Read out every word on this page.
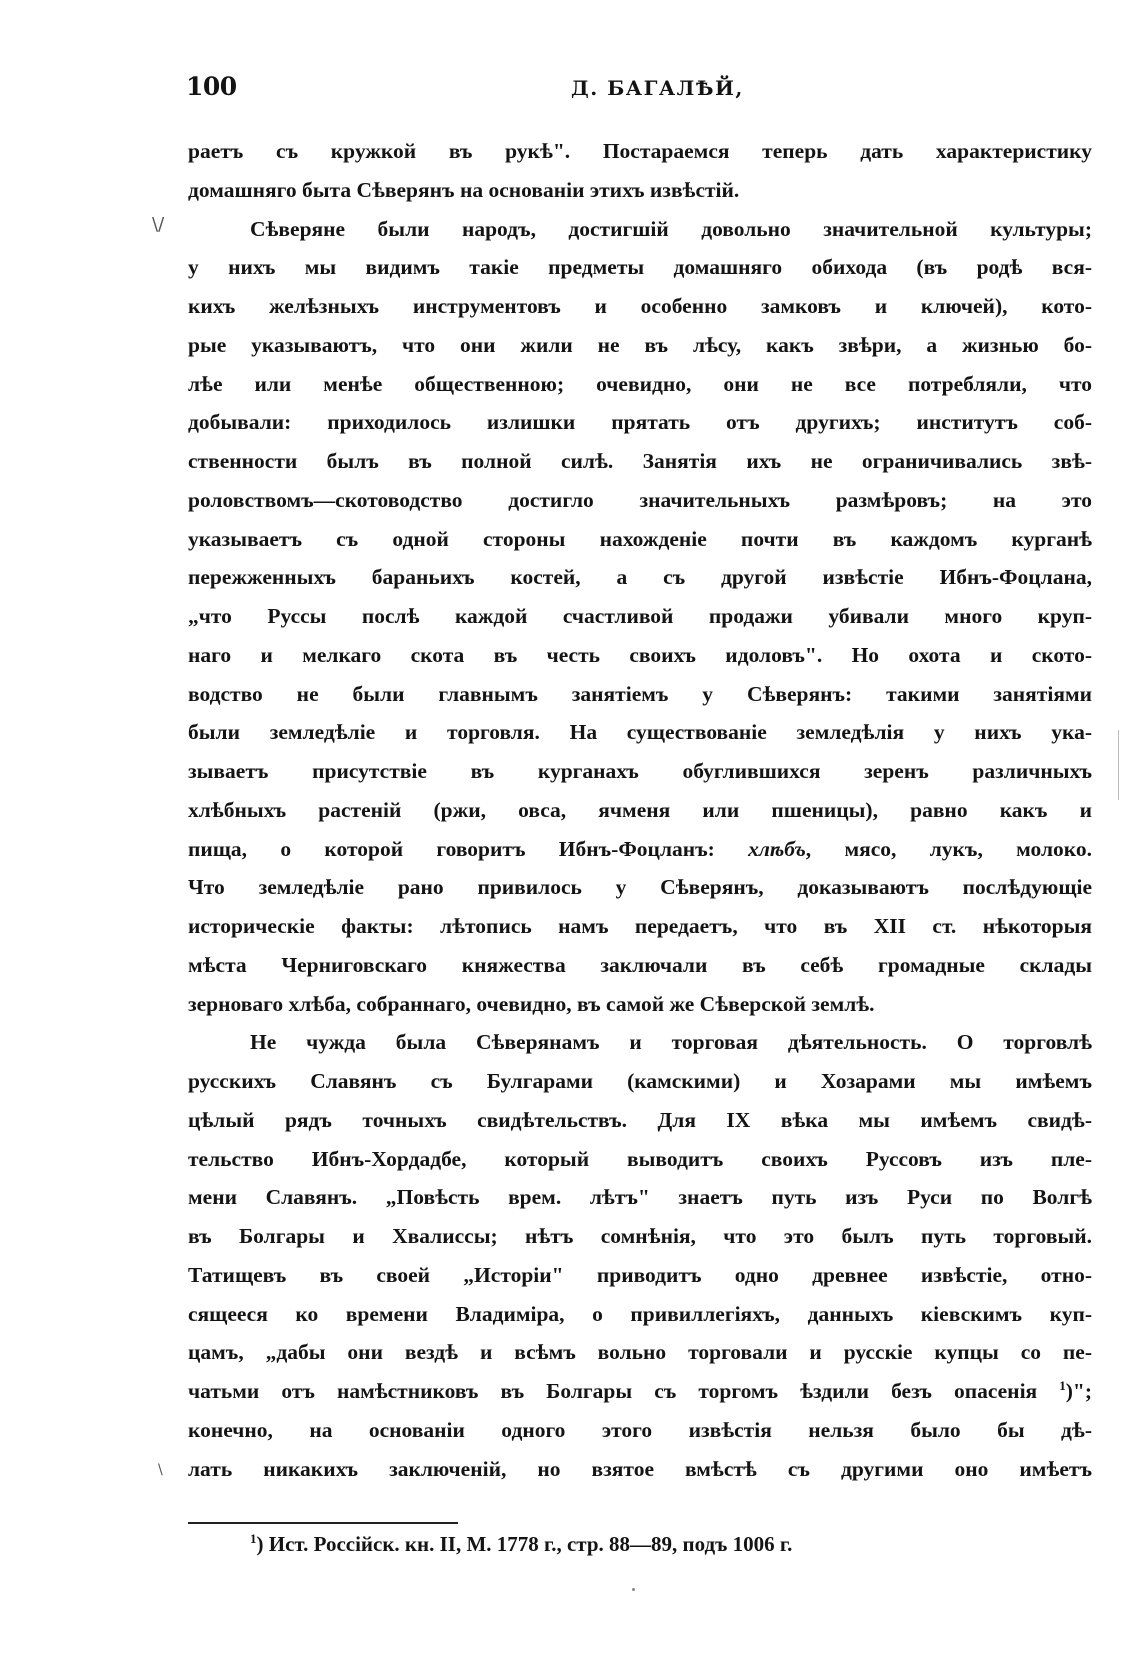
100	Д. БАГАЛѢЙ,
\/
\
раетъ съ кружкой въ рукѣ". Постараемся теперь дать характеристику
домашняго быта Сѣверянъ на основаніи этихъ извѣстій.
Сѣверяне были народъ, достигшій довольно значительной культуры;
у нихъ мы видимъ такіе предметы домашняго обихода (въ родѣ вся-
кихъ желѣзныхъ инструментовъ и особенно замковъ и ключей), кото-
рые указываютъ, что они жили не въ лѣсу, какъ звѣри, а жизнью бо-
лѣе или менѣе общественною; очевидно, они не все потребляли, что
добывали: приходилось излишки прятать отъ другихъ; институтъ соб-
ственности былъ въ полной силѣ. Занятія ихъ не ограничивались звѣ-
роловствомъ—скотоводство достигло значительныхъ размѣровъ; на это
указываетъ съ одной стороны нахожденіе почти въ каждомъ курганѣ
пережженныхъ бараньихъ костей, а съ другой извѣстіе Ибнъ-Фоцлана,
„что Руссы послѣ каждой счастливой продажи убивали много круп-
наго и мелкаго скота въ честь своихъ идоловъ". Но охота и ското-
водство не были главнымъ занятіемъ у Сѣверянъ: такими занятіями
были земледѣліе и торговля. На существованіе земледѣлія у нихъ ука-
зываетъ присутствіе въ курганахъ обуглившихся зеренъ различныхъ
хлѣбныхъ растеній (ржи, овса, ячменя или пшеницы), равно какъ и
пища, о которой говоритъ Ибнъ-Фоцланъ: хлѣбъ, мясо, лукъ, молоко.
Что земледѣліе рано привилось у Сѣверянъ, доказываютъ послѣдующіе
историческіе факты: лѣтопись намъ передаетъ, что въ XII ст. нѣкоторыя
мѣста Черниговскаго княжества заключали въ себѣ громадные склады
зерноваго хлѣба, собраннаго, очевидно, въ самой же Сѣверской землѣ.
Не чужда была Сѣверянамъ и торговая дѣятельность. О торговлѣ
русскихъ Славянъ съ Булгарами (камскими) и Хозарами мы имѣемъ
цѣлый рядъ точныхъ свидѣтельствъ. Для IX вѣка мы имѣемъ свидѣ-
тельство Ибнъ-Хордадбе, который выводитъ своихъ Руссовъ изъ пле-
мени Славянъ. „Повѣсть врем. лѣтъ" знаетъ путь изъ Руси по Волгѣ
въ Болгары и Хвалиссы; нѣтъ сомнѣнія, что это былъ путь торговый.
Татищевъ въ своей „Исторіи" приводитъ одно древнее извѣстіе, отно-
сящееся ко времени Владиміра, о привиллегіяхъ, данныхъ кіевскимъ куп-
цамъ, „дабы они вездѣ и всѣмъ вольно торговали и русскіе купцы со пе-
чатьми отъ намѣстниковъ въ Болгары съ торгомъ ѣздили безъ опасенія $^1$)";
конечно, на основаніи одного этого извѣстія нельзя было бы дѣ-
лать никакихъ заключеній, но взятое вмѣстѣ съ другими оно имѣетъ
$^1$) Ист. Россійск. кн. II, М. 1778 г., стр. 88—89, подъ 1006 г.
